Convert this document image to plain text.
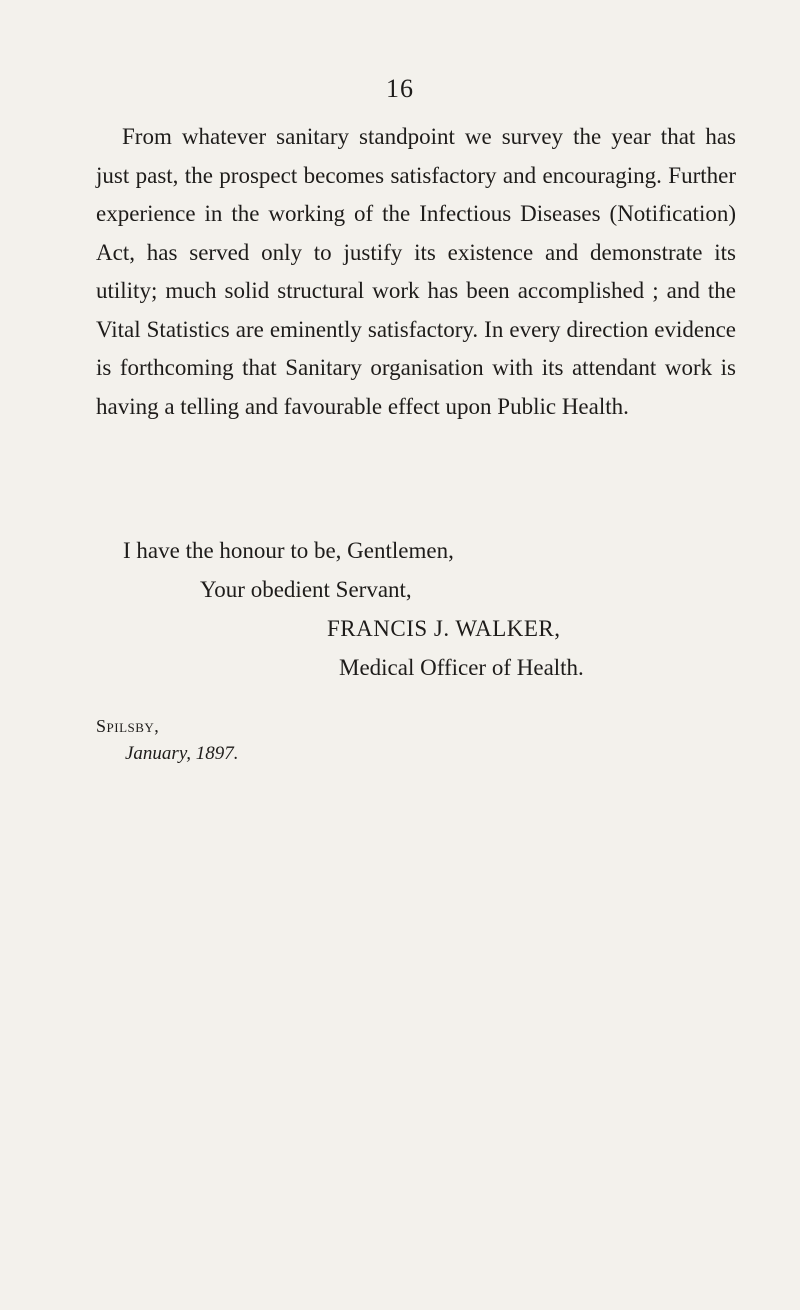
16

From whatever sanitary standpoint we survey the year that has just past, the prospect becomes satisfactory and encouraging. Further experience in the working of the Infectious Diseases (Notification) Act, has served only to justify its existence and demonstrate its utility; much solid structural work has been accomplished ; and the Vital Statistics are eminently satisfactory. In every direction evidence is forthcoming that Sanitary organisation with its attendant work is having a telling and favourable effect upon Public Health.

I have the honour to be, Gentlemen,

Your obedient Servant,

FRANCIS J. WALKER,

Medical Officer of Health.

Spilsby,

January, 1897.
